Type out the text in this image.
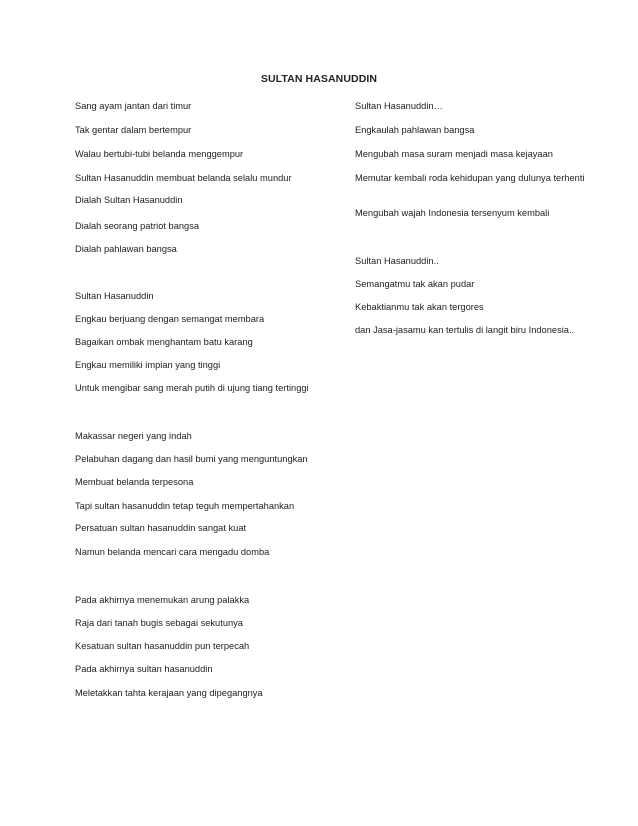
SULTAN HASANUDDIN
Sang ayam jantan dari timur
Tak gentar dalam bertempur
Walau bertubi-tubi belanda menggempur
Sultan Hasanuddin membuat belanda selalu mundur
Dialah Sultan Hasanuddin
Dialah seorang patriot bangsa
Dialah pahlawan bangsa
Sultan Hasanuddin
Engkau berjuang dengan semangat membara
Bagaikan ombak menghantam batu karang
Engkau memiliki impian yang tinggi
Untuk mengibar sang merah putih di ujung tiang tertinggi
Makassar negeri yang indah
Pelabuhan dagang dan hasil bumi yang menguntungkan
Membuat belanda terpesona
Tapi sultan hasanuddin tetap teguh mempertahankan
Persatuan sultan hasanuddin sangat kuat
Namun belanda mencari cara mengadu domba
Pada akhirnya menemukan arung palakka
Raja dari tanah bugis sebagai sekutunya
Kesatuan sultan hasanuddin pun terpecah
Pada akhirnya sultan hasanuddin
Meletakkan tahta kerajaan yang dipegangnya
Sultan Hasanuddin…
Engkaulah pahlawan bangsa
Mengubah masa suram menjadi masa kejayaan
Memutar kembali roda kehidupan yang dulunya terhenti
Mengubah wajah Indonesia tersenyum kembali
Sultan Hasanuddin..
Semangatmu tak akan pudar
Kebaktianmu tak akan tergores
dan Jasa-jasamu kan tertulis di langit biru Indonesia..
